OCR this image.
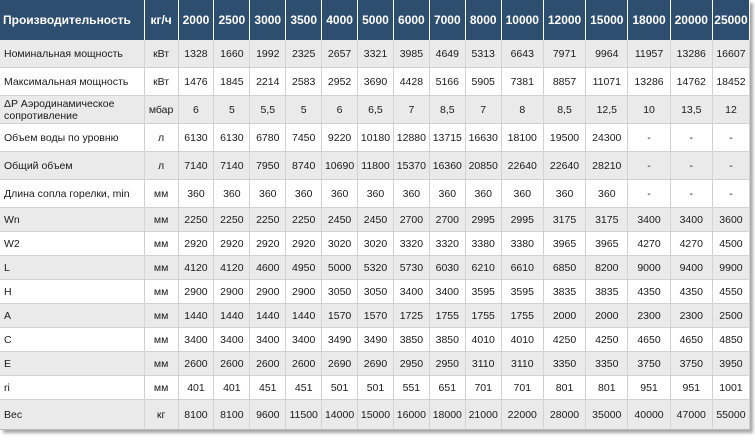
Производительность	кг/ч	2000	2500	3000	3500	4000	5000	6000	7000	8000	10000	12000	15000	18000	20000	25000
Номинальная мощность	кВт	1328	1660	1992	2325	2657	3321	3985	4649	5313	6643	7971	9964	11957	13286	16607
Максимальная мощность	кВт	1476	1845	2214	2583	2952	3690	4428	5166	5905	7381	8857	11071	13286	14762	18452
ΔP Аэродинамическое сопротивление	мбар	6	5	5,5	5	6	6,5	7	8,5	7	8	8,5	12,5	10	13,5	12
Объем воды по уровню	л	6130	6130	6780	7450	9220	10180	12880	13715	16630	18100	19500	24300	-	-	-
Общий объем	л	7140	7140	7950	8740	10690	11800	15370	16360	20850	22640	22640	28210	-	-	-
Длина сопла горелки, min	мм	360	360	360	360	360	360	360	360	360	360	360	360	-	-	-
Wn	мм	2250	2250	2250	2250	2450	2450	2700	2700	2995	2995	3175	3175	3400	3400	3600
W2	мм	2920	2920	2920	2920	3020	3020	3320	3320	3380	3380	3965	3965	4270	4270	4500
L	мм	4120	4120	4600	4950	5000	5320	5730	6030	6210	6610	6850	8200	9000	9400	9900
H	мм	2900	2900	2900	2900	3050	3050	3400	3400	3595	3595	3835	3835	4350	4350	4550
A	мм	1440	1440	1440	1440	1570	1570	1725	1755	1755	1755	2000	2000	2300	2300	2500
C	мм	3400	3400	3400	3400	3490	3490	3850	3850	4010	4010	4250	4250	4650	4650	4850
E	мм	2600	2600	2600	2600	2690	2690	2950	2950	3110	3110	3350	3350	3750	3750	3950
ri	мм	401	401	451	451	501	501	551	651	701	701	801	801	951	951	1001
Вес	кг	8100	8100	9600	11500	14000	15000	16000	18000	21000	22000	28000	35000	40000	47000	55000
